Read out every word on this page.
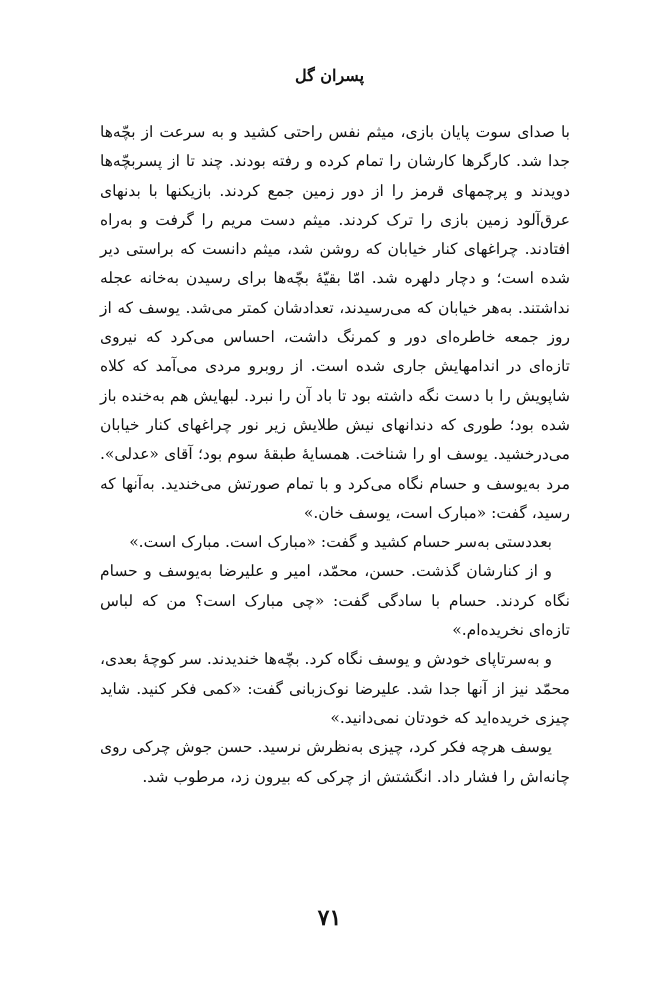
پسران گل

با صدای سوت پایان بازی، میثم نفس راحتی کشید و به سرعت از بچّه‌ها جدا شد. کارگرها کارشان را تمام کرده و رفته بودند. چند تا از پسربچّه‌ها دویدند و پرچمهای قرمز را از دور زمین جمع کردند. بازیکنها با بدنهای عرق‌آلود زمین بازی را ترک کردند. میثم دست مریم را گرفت و به‌راه افتادند. چراغهای کنار خیابان که روشن شد، میثم دانست که براستی دیر شده است؛ و دچار دلهره شد. امّا بقیّهٔ بچّه‌ها برای رسیدن به‌خانه عجله نداشتند. به‌هر خیابان که می‌رسیدند، تعدادشان کمتر می‌شد. یوسف که از روز جمعه خاطره‌ای دور و کمرنگ داشت، احساس می‌کرد که نیروی تازه‌ای در اندامهایش جاری شده است. از روبرو مردی می‌آمد که کلاه شاپویش را با دست نگه داشته بود تا باد آن را نبرد. لبهایش هم به‌خنده باز شده بود؛ طوری که دندانهای نیش طلایش زیر نور چراغهای کنار خیابان می‌درخشید. یوسف او را شناخت. همسایهٔ طبقهٔ سوم بود؛ آقای «عدلی». مرد به‌یوسف و حسام نگاه می‌کرد و با تمام صورتش می‌خندید. به‌آنها که رسید، گفت: «مبارک است، یوسف خان.»

بعددستی به‌سر حسام کشید و گفت: «مبارک است. مبارک است.»

و از کنارشان گذشت. حسن، محمّد، امیر و علیرضا به‌یوسف و حسام نگاه کردند. حسام با سادگی گفت: «چی مبارک است؟ من که لباس تازه‌ای نخریده‌ام.»

و به‌سرتاپای خودش و یوسف نگاه کرد. بچّه‌ها خندیدند. سر کوچهٔ بعدی، محمّد نیز از آنها جدا شد. علیرضا نوک‌زبانی گفت: «کمی فکر کنید. شاید چیزی خریده‌اید که خودتان نمی‌دانید.»

یوسف هرچه فکر کرد، چیزی به‌نظرش نرسید. حسن جوش چرکی روی چانه‌اش را فشار داد. انگشتش از چرکی که بیرون زد، مرطوب شد.

۷۱
